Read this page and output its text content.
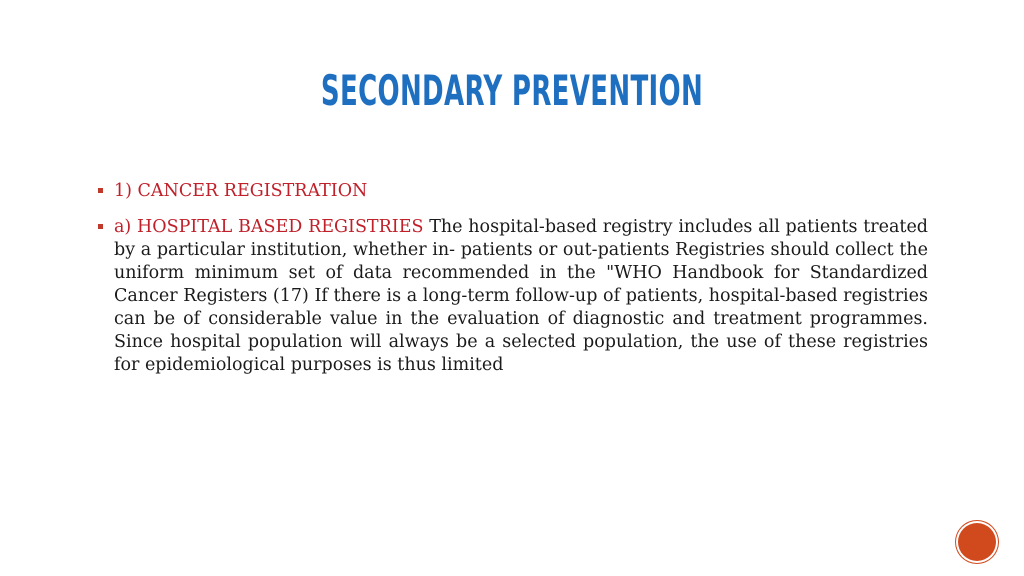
SECONDARY PREVENTION
1) CANCER REGISTRATION
a) HOSPITAL BASED REGISTRIES The hospital-based registry includes all patients treated by a particular institution, whether in- patients or out-patients Registries should collect the uniform minimum set of data recommended in the "WHO Handbook for Standardized Cancer Registers (17) If there is a long-term follow-up of patients, hospital-based registries can be of considerable value in the evaluation of diagnostic and treatment programmes. Since hospital population will always be a selected population, the use of these registries for epidemiological purposes is thus limited
